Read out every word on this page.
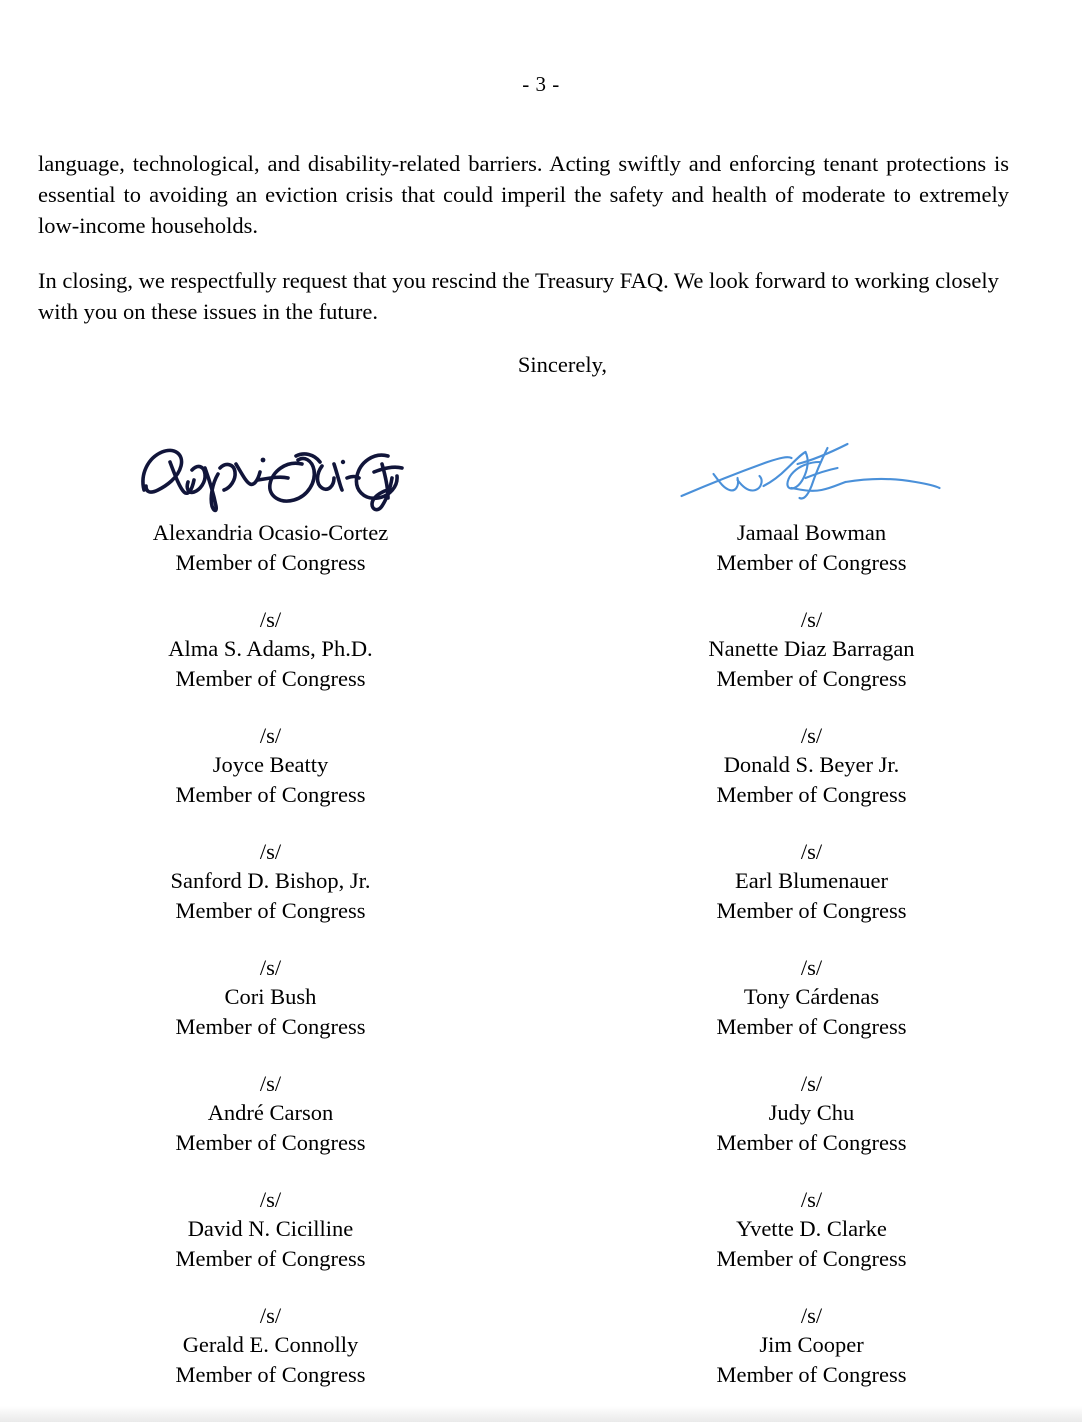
- 3 -

language, technological, and disability-related barriers. Acting swiftly and enforcing tenant protections is essential to avoiding an eviction crisis that could imperil the safety and health of moderate to extremely low-income households.

In closing, we respectfully request that you rescind the Treasury FAQ. We look forward to working closely with you on these issues in the future.

Sincerely,
Alexandria Ocasio-Cortez
Member of Congress
Jamaal Bowman
Member of Congress
/s/
Alma S. Adams, Ph.D.
Member of Congress
/s/
Nanette Diaz Barragan
Member of Congress
/s/
Joyce Beatty
Member of Congress
/s/
Donald S. Beyer Jr.
Member of Congress
/s/
Sanford D. Bishop, Jr.
Member of Congress
/s/
Earl Blumenauer
Member of Congress
/s/
Cori Bush
Member of Congress
/s/
Tony Cárdenas
Member of Congress
/s/
André Carson
Member of Congress
/s/
Judy Chu
Member of Congress
/s/
David N. Cicilline
Member of Congress
/s/
Yvette D. Clarke
Member of Congress
/s/
Gerald E. Connolly
Member of Congress
/s/
Jim Cooper
Member of Congress
